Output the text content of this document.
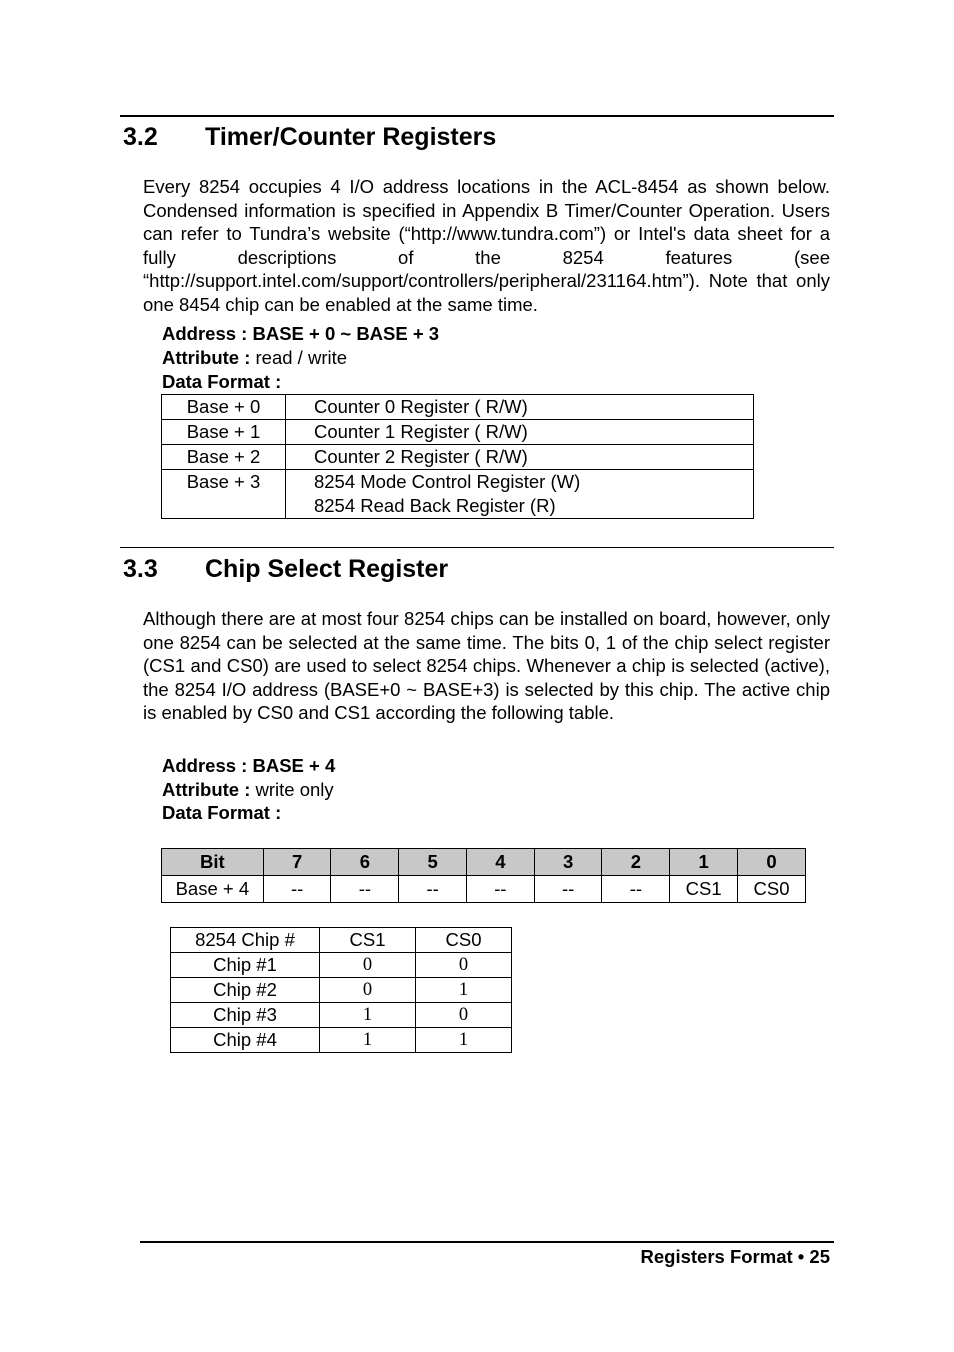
3.2 Timer/Counter Registers

Every 8254 occupies 4 I/O address locations in the ACL-8454 as shown below. Condensed information is specified in Appendix B Timer/Counter Operation. Users can refer to Tundra’s website (“http://www.tundra.com”) or Intel's data sheet for a fully descriptions of the 8254 features (see “http://support.intel.com/support/controllers/peripheral/231164.htm”). Note that only one 8454 chip can be enabled at the same time.

Address : BASE + 0 ~ BASE + 3
Attribute : read / write
Data Format :
Base + 0	Counter 0 Register ( R/W)

Base + 1	Counter 1 Register ( R/W)

Base + 2	Counter 2 Register ( R/W)

Base + 3	8254 Mode Control Register (W)
8254 Read Back Register (R)
3.3 Chip Select Register

Although there are at most four 8254 chips can be installed on board, however, only one 8254 can be selected at the same time. The bits 0, 1 of the chip select register (CS1 and CS0) are used to select 8254 chips. Whenever a chip is selected (active), the 8254 I/O address (BASE+0 ~ BASE+3) is selected by this chip. The active chip is enabled by CS0 and CS1 according the following table.

Address : BASE + 4
Attribute : write only
Data Format :
Bit	7	6	5	4	3	2	1	0
Base + 4	--	--	--	--	--	--	CS1	CS0
8254 Chip #	CS1	CS0
Chip #1	0	0
Chip #2	0	1
Chip #3	1	0
Chip #4	1	1
Registers Format • 25
